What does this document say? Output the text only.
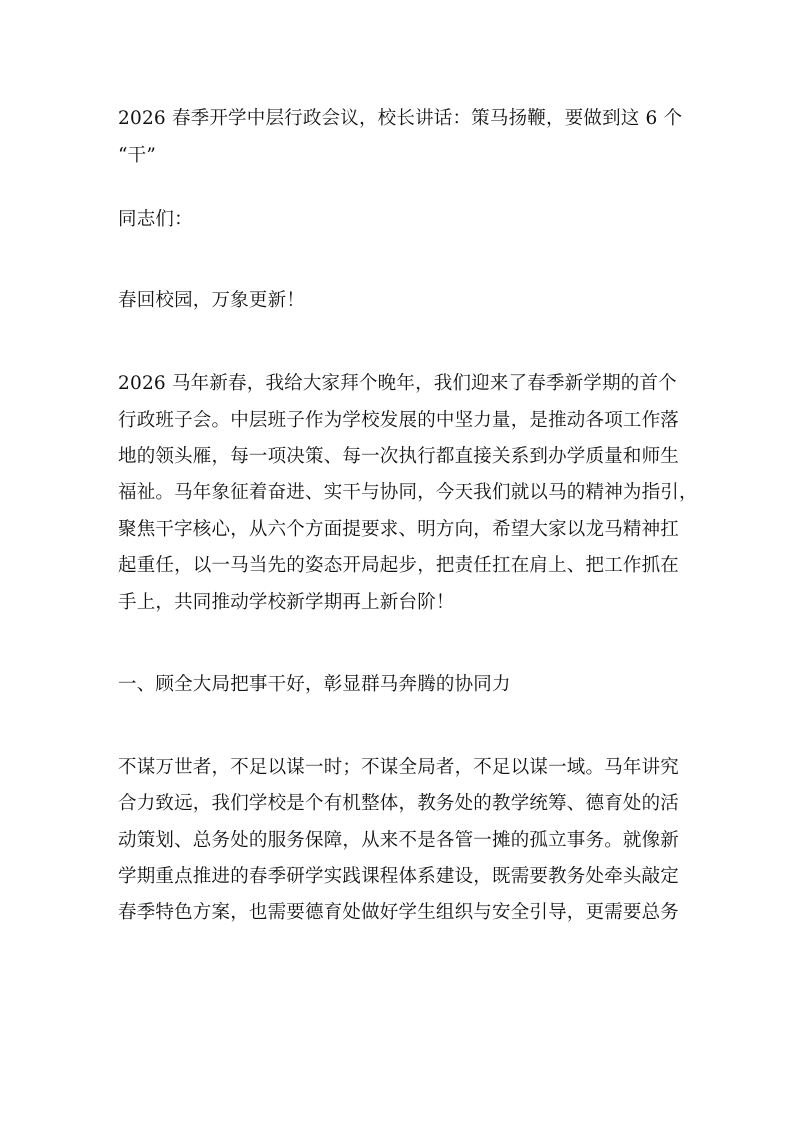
2026 春季开学中层行政会议，校长讲话：策马扬鞭，要做到这 6 个
“干”
同志们：
春回校园，万象更新！
2026 马年新春，我给大家拜个晚年，我们迎来了春季新学期的首个
行政班子会。中层班子作为学校发展的中坚力量，是推动各项工作落
地的领头雁，每一项决策、每一次执行都直接关系到办学质量和师生
福祉。马年象征着奋进、实干与协同，今天我们就以马的精神为指引，
聚焦干字核心，从六个方面提要求、明方向，希望大家以龙马精神扛
起重任，以一马当先的姿态开局起步，把责任扛在肩上、把工作抓在
手上，共同推动学校新学期再上新台阶！
一、顾全大局把事干好，彰显群马奔腾的协同力
不谋万世者，不足以谋一时；不谋全局者，不足以谋一域。马年讲究
合力致远，我们学校是个有机整体，教务处的教学统筹、德育处的活
动策划、总务处的服务保障，从来不是各管一摊的孤立事务。就像新
学期重点推进的春季研学实践课程体系建设，既需要教务处牵头敲定
春季特色方案，也需要德育处做好学生组织与安全引导，更需要总务
